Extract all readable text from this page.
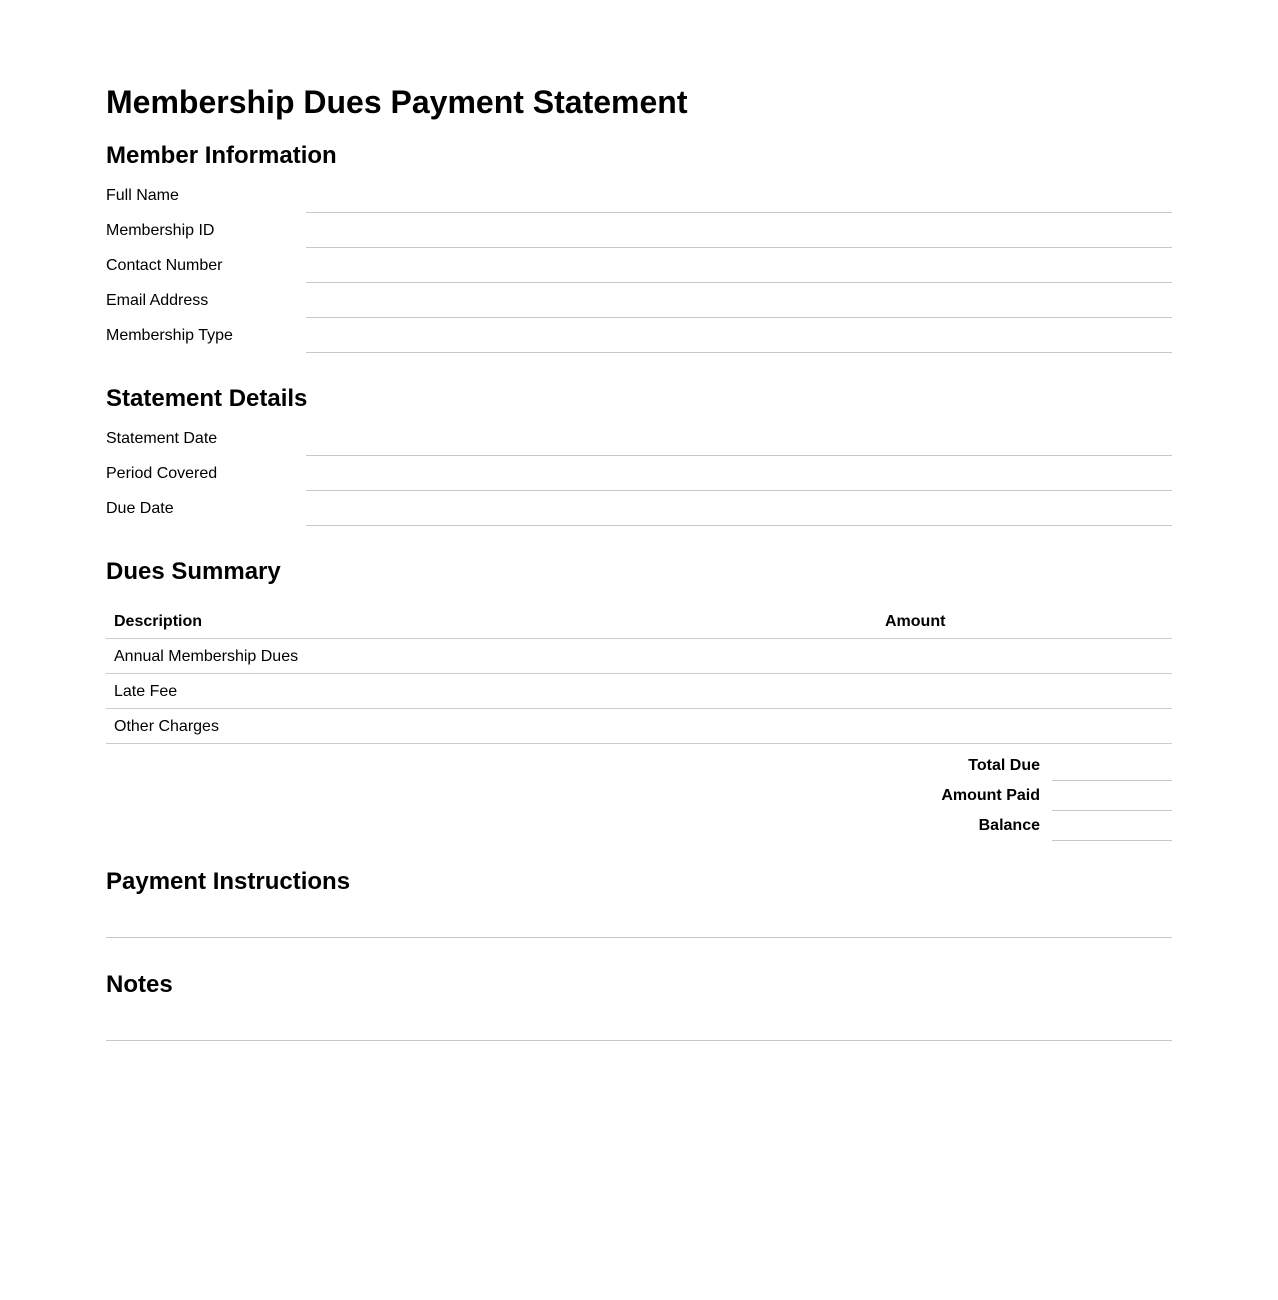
Membership Dues Payment Statement
Member Information
Full Name
Membership ID
Contact Number
Email Address
Membership Type
Statement Details
Statement Date
Period Covered
Due Date
Dues Summary
Description	Amount
Annual Membership Dues
Late Fee
Other Charges
Total Due
Amount Paid
Balance
Payment Instructions
Notes
